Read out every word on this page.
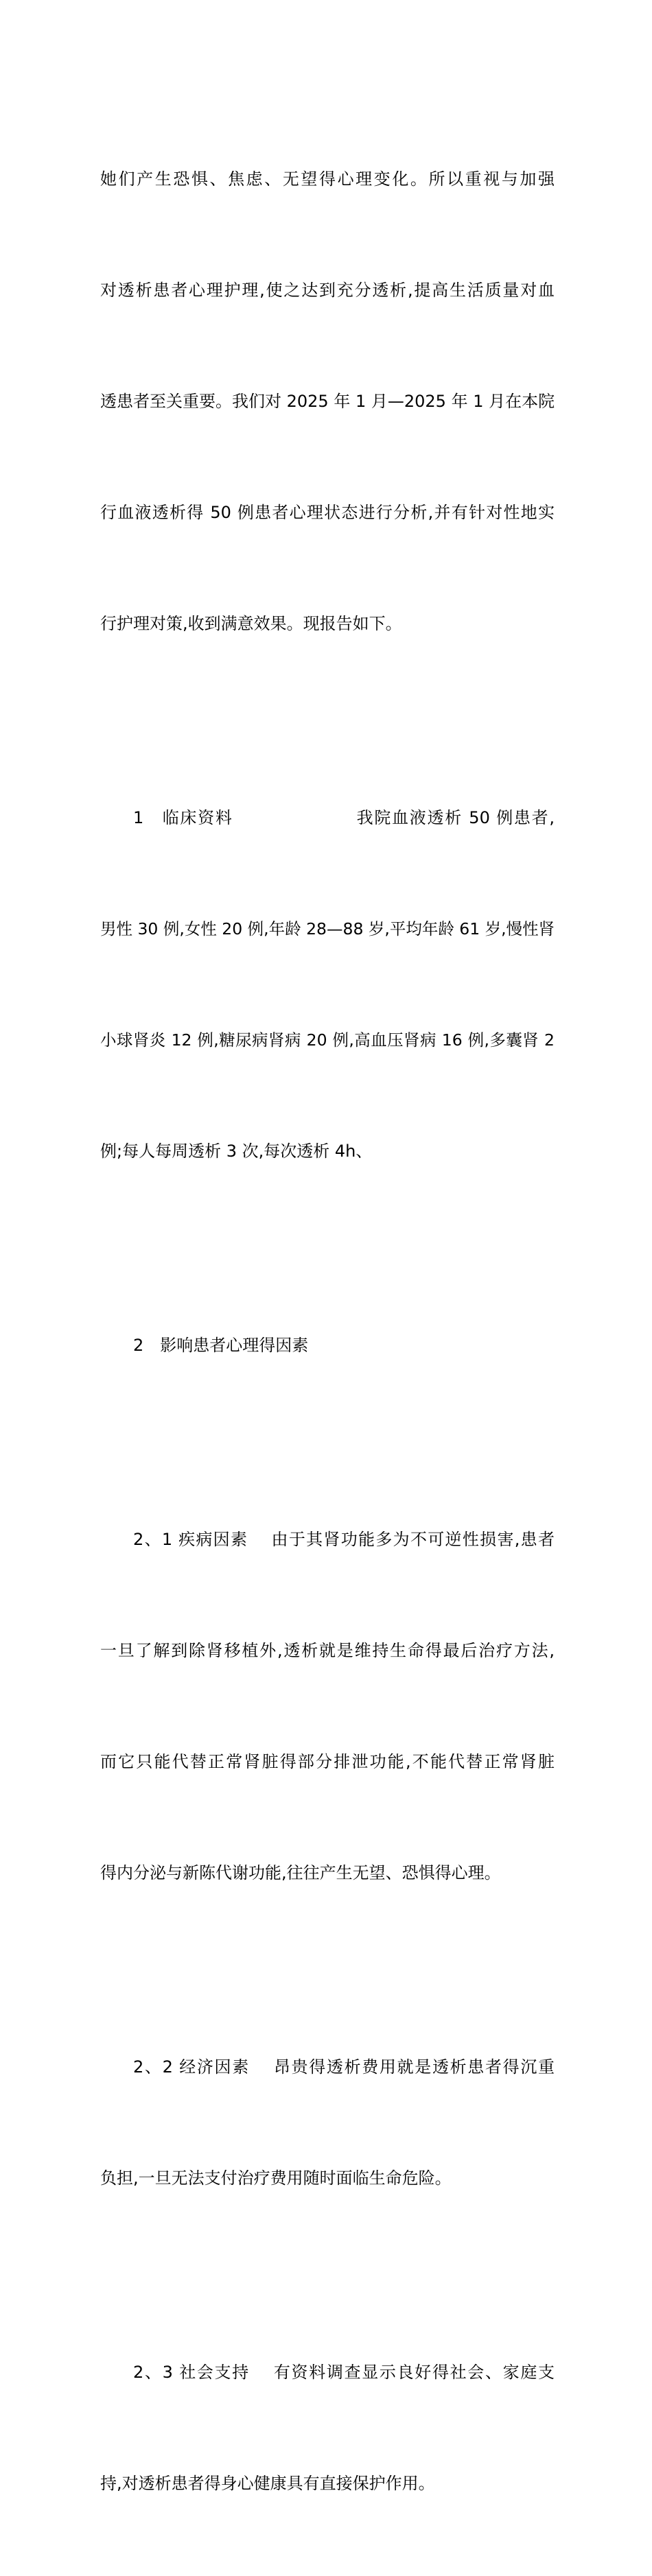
她们产生恐惧、焦虑、无望得心理变化。所以重视与加强

对透析患者心理护理,使之达到充分透析,提高生活质量对血

透患者至关重要。我们对 2025 年 1 月—2025 年 1 月在本院

行血液透析得 50 例患者心理状态进行分析,并有针对性地实

行护理对策,收到满意效果。现报告如下。

1　临床资料　　　　　　　我院血液透析 50 例患者,

男性 30 例,女性 20 例,年龄 28—88 岁,平均年龄 61 岁,慢性肾

小球肾炎 12 例,糖尿病肾病 20 例,高血压肾病 16 例,多囊肾 2

例;每人每周透析 3 次,每次透析 4h、

2　影响患者心理得因素

2、1 疾病因素　 由于其肾功能多为不可逆性损害,患者

一旦了解到除肾移植外,透析就是维持生命得最后治疗方法,

而它只能代替正常肾脏得部分排泄功能,不能代替正常肾脏

得内分泌与新陈代谢功能,往往产生无望、恐惧得心理。

2、2 经济因素　 昂贵得透析费用就是透析患者得沉重

负担,一旦无法支付治疗费用随时面临生命危险。

2、3 社会支持　 有资料调查显示良好得社会、家庭支

持,对透析患者得身心健康具有直接保护作用。
